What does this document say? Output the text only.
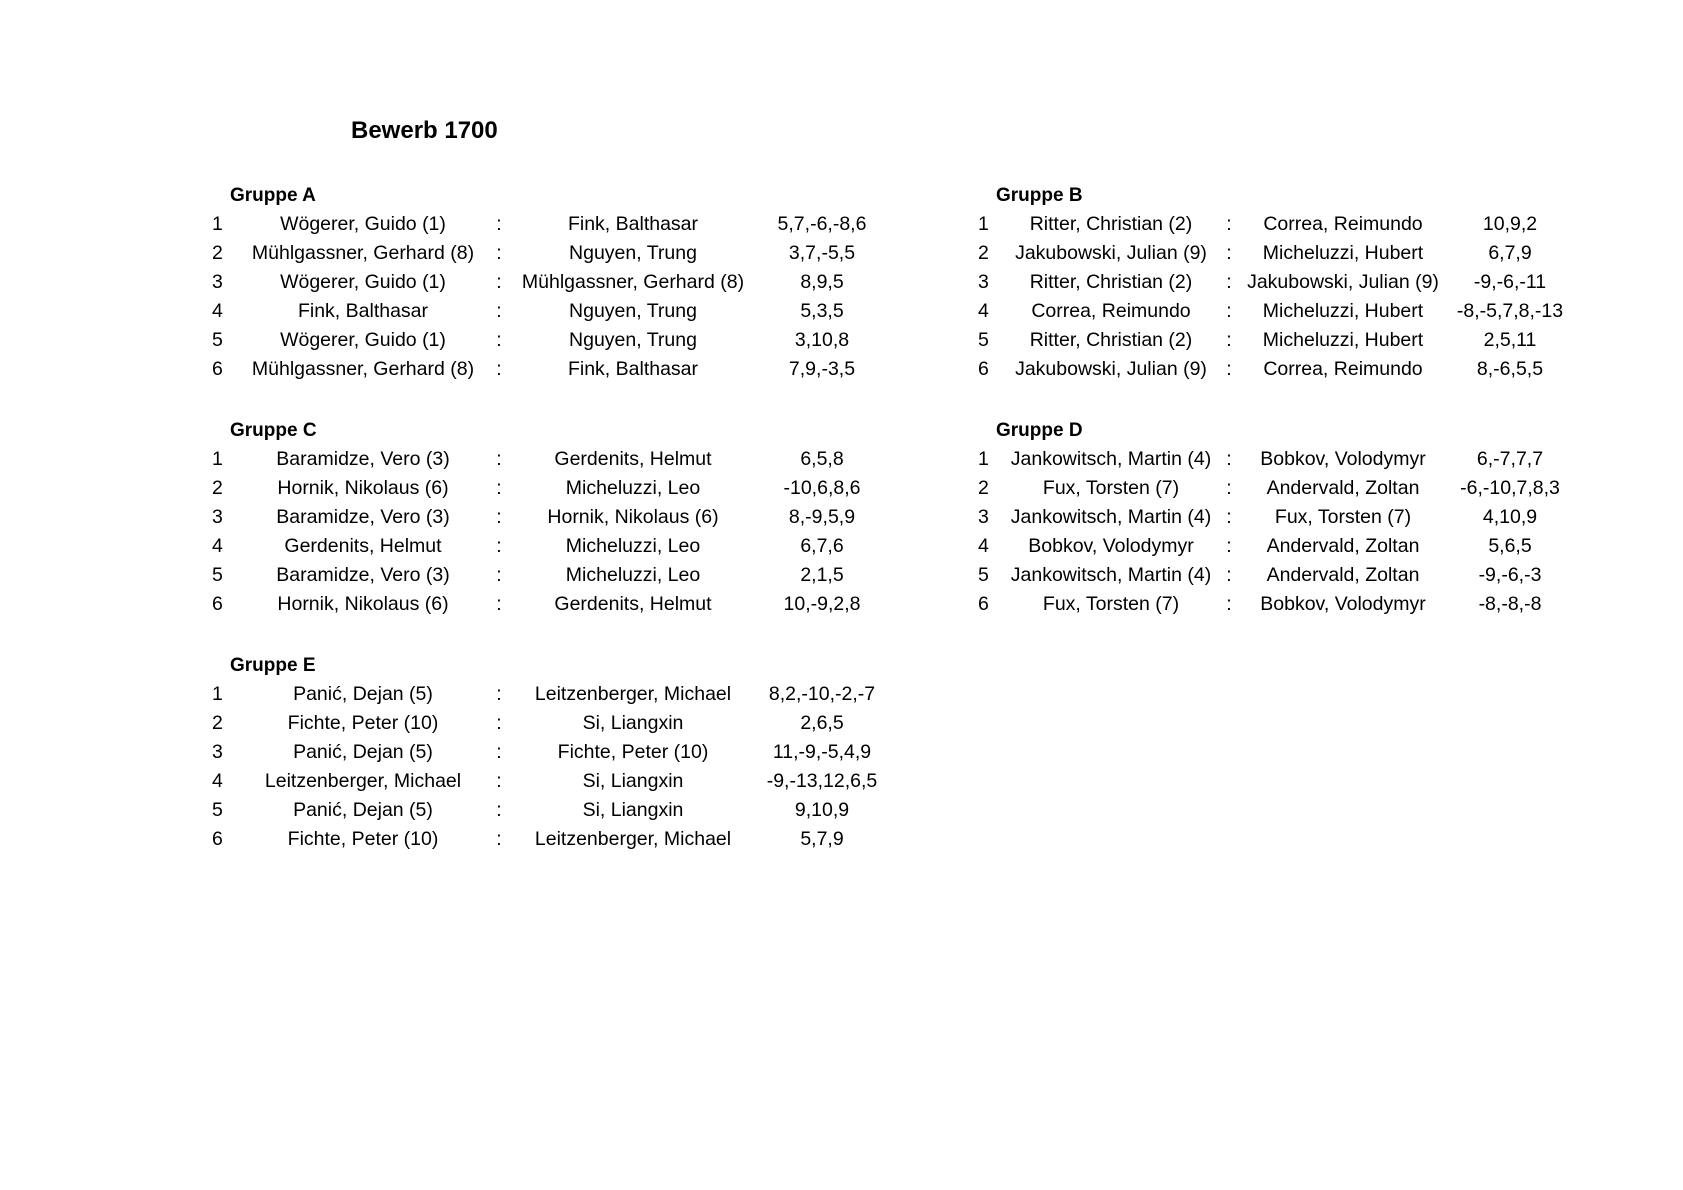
Bewerb 1700
Gruppe A
1	Wögerer, Guido (1)	:	Fink, Balthasar	5,7,-6,-8,6
2	Mühlgassner, Gerhard (8)	:	Nguyen, Trung	3,7,-5,5
3	Wögerer, Guido (1)	:	Mühlgassner, Gerhard (8)	8,9,5
4	Fink, Balthasar	:	Nguyen, Trung	5,3,5
5	Wögerer, Guido (1)	:	Nguyen, Trung	3,10,8
6	Mühlgassner, Gerhard (8)	:	Fink, Balthasar	7,9,-3,5
Gruppe B
1	Ritter, Christian (2)	:	Correa, Reimundo	10,9,2
2	Jakubowski, Julian (9) :	Micheluzzi, Hubert	6,7,9
3	Ritter, Christian (2)	: Jakubowski, Julian (9)	-9,-6,-11
4	Correa, Reimundo	:	Micheluzzi, Hubert	-8,-5,7,8,-13
5	Ritter, Christian (2)	:	Micheluzzi, Hubert	2,5,11
6	Jakubowski, Julian (9) :	Correa, Reimundo	8,-6,5,5
Gruppe C
1	Baramidze, Vero (3)	:	Gerdenits, Helmut	6,5,8
2	Hornik, Nikolaus (6)	:	Micheluzzi, Leo	-10,6,8,6
3	Baramidze, Vero (3)	:	Hornik, Nikolaus (6)	8,-9,5,9
4	Gerdenits, Helmut	:	Micheluzzi, Leo	6,7,6
5	Baramidze, Vero (3)	:	Micheluzzi, Leo	2,1,5
6	Hornik, Nikolaus (6)	:	Gerdenits, Helmut	10,-9,2,8
Gruppe D
1	Jankowitsch, Martin (4) :	Bobkov, Volodymyr	6,-7,7,7
2	Fux, Torsten (7)	:	Andervald, Zoltan	-6,-10,7,8,3
3	Jankowitsch, Martin (4) :	Fux, Torsten (7)	4,10,9
4	Bobkov, Volodymyr	:	Andervald, Zoltan	5,6,5
5	Jankowitsch, Martin (4) :	Andervald, Zoltan	-9,-6,-3
6	Fux, Torsten (7)	:	Bobkov, Volodymyr	-8,-8,-8
Gruppe E
1	Panić, Dejan (5)	:	Leitzenberger, Michael	8,2,-10,-2,-7
2	Fichte, Peter (10)	:	Si, Liangxin	2,6,5
3	Panić, Dejan (5)	:	Fichte, Peter (10)	11,-9,-5,4,9
4	Leitzenberger, Michael	:	Si, Liangxin	-9,-13,12,6,5
5	Panić, Dejan (5)	:	Si, Liangxin	9,10,9
6	Fichte, Peter (10)	:	Leitzenberger, Michael	5,7,9
